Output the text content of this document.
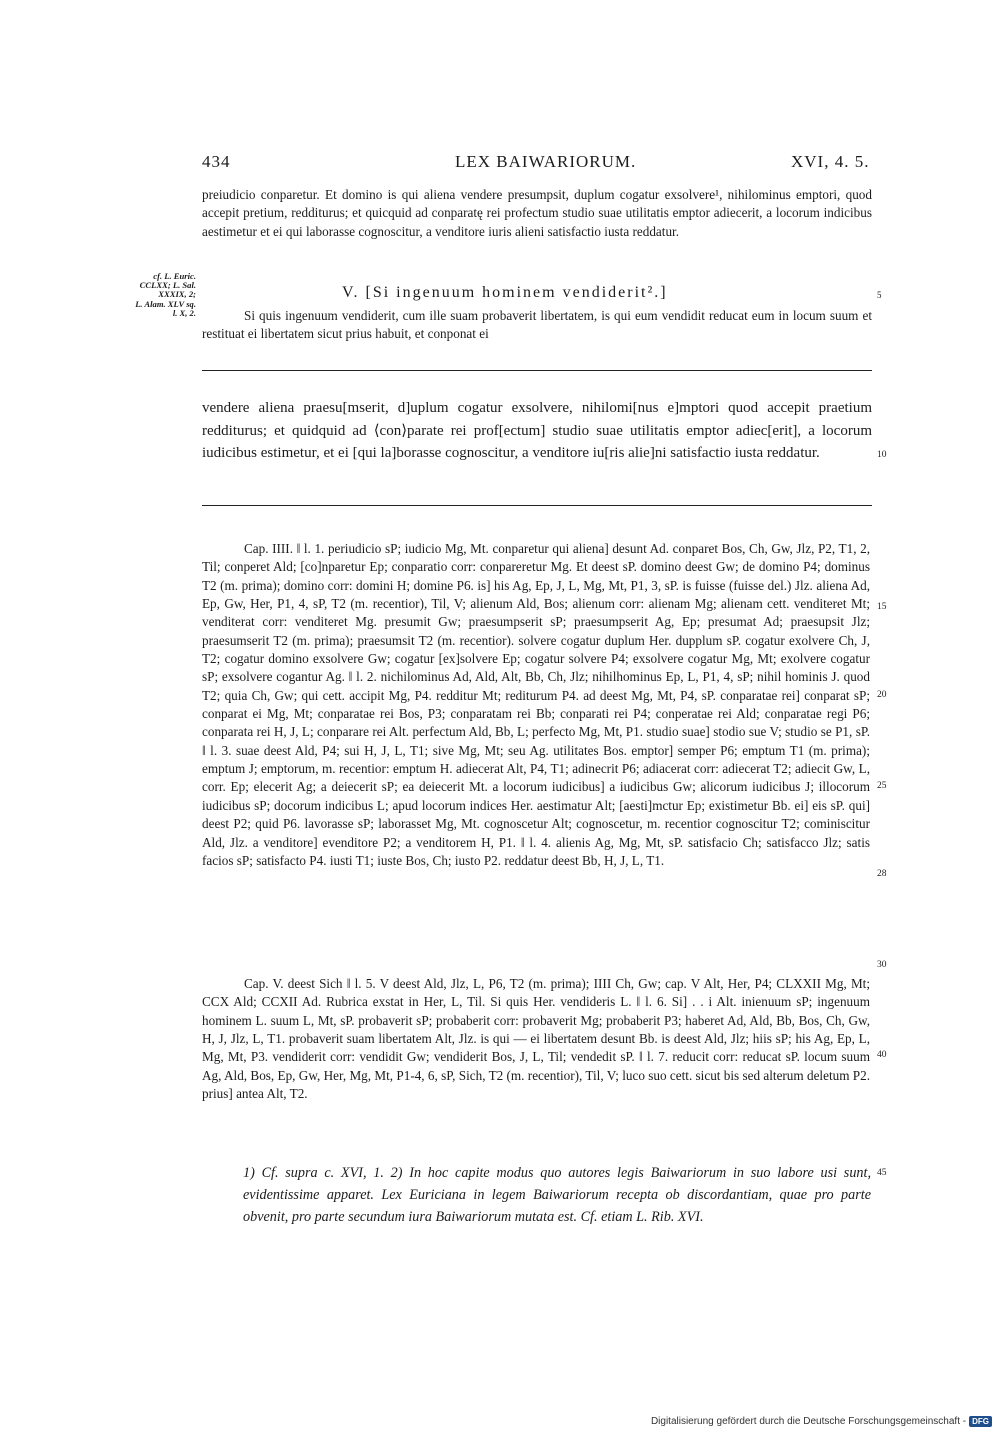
434	LEX BAIWARIORUM.	XVI, 4. 5.

preiudicio conparetur. Et domino is qui aliena vendere presumpsit, duplum cogatur exsolvere¹, nihilominus emptori, quod accepit pretium, redditurus; et quicquid ad conparatę rei profectum studio suae utilitatis emptor adiecerit, a locorum indicibus aestimetur et ei qui laborasse cognoscitur, a venditore iuris alieni satisfactio iusta reddatur.

cf. L. Euric.
CCLXX; L. Sal.
XXXIX, 2;
L. Alam. XLV sq.
l. X, 2.
V. [Si ingenuum hominem vendiderit².]	5

Si quis ingenuum vendiderit, cum ille suam probaverit libertatem, is qui eum vendidit reducat eum in locum suum et restituat ei libertatem sicut prius habuit, et conponat ei

vendere aliena praesu[mserit, d]uplum cogatur exsolvere, nihilomi[nus e]mptori quod accepit praetium redditurus; et quidquid ad ⟨con⟩parate rei prof[ectum] studio suae utilitatis emptor adiec[erit], a locorum iudicibus estimetur, et ei [qui la]borasse cognoscitur, a venditore iu[ris alie]ni satisfactio iusta reddatur.	10

Cap. IIII. ‖ l. 1. periudicio sP; iudicio Mg, Mt. conparetur qui aliena] desunt Ad. conparet Bos, Ch, Gw, Jlz, P2, T1, 2, Til; conperet Ald; [co]nparetur Ep; conparatio corr: conpareretur Mg. Et deest sP. domino deest Gw; de domino P4; dominus T2 (m. prima); domino corr: domini H; domine P6. is] his Ag, Ep, J, L, Mg, Mt, P1, 3, sP. is fuisse (fuisse del.) Jlz. aliena Ad, Ep, Gw, Her, P1, 4, sP, T2 (m. recentior), Til, V; alienum Ald, Bos; alienum corr: alienam Mg; alienam cett. venditeret Mt; venditerat corr: venditeret Mg. presumit Gw; praesumpserit sP; praesumpserit Ag, Ep; presumat Ad; praesupsit Jlz; praesumserit T2 (m. prima); praesumsit T2 (m. recentior). solvere cogatur duplum Her. dupplum sP. cogatur exolvere Ch, J, T2; cogatur domino exsolvere Gw; cogatur [ex]solvere Ep; cogatur solvere P4; exsolvere cogatur Mg, Mt; exolvere cogatur sP; exsolvere cogantur Ag. ‖ l. 2. nichilominus Ad, Ald, Alt, Bb, Ch, Jlz; nihilhominus Ep, L, P1, 4, sP; nihil hominis J. quod T2; quia Ch, Gw; qui cett. accipit Mg, P4. redditur Mt; rediturum P4. ad deest Mg, Mt, P4, sP. conparatae rei] conparat sP; conparat ei Mg, Mt; conparatae rei Bos, P3; conparatam rei Bb; conparati rei P4; conperatae rei Ald; conparatae regi P6; conparata rei H, J, L; conparare rei Alt. perfectum Ald, Bb, L; perfecto Mg, Mt, P1. studio suae] stodio sue V; studio se P1, sP. ‖ l. 3. suae deest Ald, P4; sui H, J, L, T1; sive Mg, Mt; seu Ag. utilitates Bos. emptor] semper P6; emptum T1 (m. prima); emptum J; emptorum, m. recentior: emptum H. adiecerat Alt, P4, T1; adinecrit P6; adiacerat corr: adiecerat T2; adiecit Gw, L, corr. Ep; elecerit Ag; a deiecerit sP; ea deiecerit Mt. a locorum iudicibus] a iudicibus Gw; alicorum iudicibus J; illocorum iudicibus sP; docorum indicibus L; apud locorum indices Her. aestimatur Alt; [aesti]mctur Ep; existimetur Bb. ei] eis sP. qui] deest P2; quid P6. lavorasse sP; laborasset Mg, Mt. cognoscetur Alt; cognoscetur, m. recentior cognoscitur T2; cominiscitur Ald, Jlz. a venditore] evenditore P2; a venditorem H, P1. ‖ l. 4. alienis Ag, Mg, Mt, sP. satisfacio Ch; satisfacco Jlz; satis facios sP; satisfacto P4. iusti T1; iuste Bos, Ch; iusto P2. reddatur deest Bb, H, J, L, T1.

Cap. V. deest Sich ‖ l. 5. V deest Ald, Jlz, L, P6, T2 (m. prima); IIII Ch, Gw; cap. V Alt, Her, P4; CLXXII Mg, Mt; CCX Ald; CCXII Ad. Rubrica exstat in Her, L, Til. Si quis Her. vendideris L. ‖ l. 6. Si] . . i Alt. inienuum sP; ingenuum hominem L. suum L, Mt, sP. probaverit sP; probaberit corr: probaverit Mg; probaberit P3; haberet Ad, Ald, Bb, Bos, Ch, Gw, H, J, Jlz, L, T1. probaverit suam libertatem Alt, Jlz. is qui — ei libertatem desunt Bb. is deest Ald, Jlz; hiis sP; his Ag, Ep, L, Mg, Mt, P3. vendiderit corr: vendidit Gw; vendiderit Bos, J, L, Til; vendedit sP. ‖ l. 7. reducit corr: reducat sP. locum suum Ag, Ald, Bos, Ep, Gw, Her, Mg, Mt, P1-4, 6, sP, Sich, T2 (m. recentior), Til, V; luco suo cett. sicut bis sed alterum deletum P2. prius] antea Alt, T2.

15
20
25
28
30
40

1) Cf. supra c. XVI, 1. 2) In hoc capite modus quo autores legis Baiwariorum in suo labore usi sunt, evidentissime apparet. Lex Euriciana in legem Baiwariorum recepta ob discordantiam, quae pro parte obvenit, pro parte secundum iura Baiwariorum mutata est. Cf. etiam L. Rib. XVI.

45
Digitalisierung gefördert durch die Deutsche Forschungsgemeinschaft - DFG
